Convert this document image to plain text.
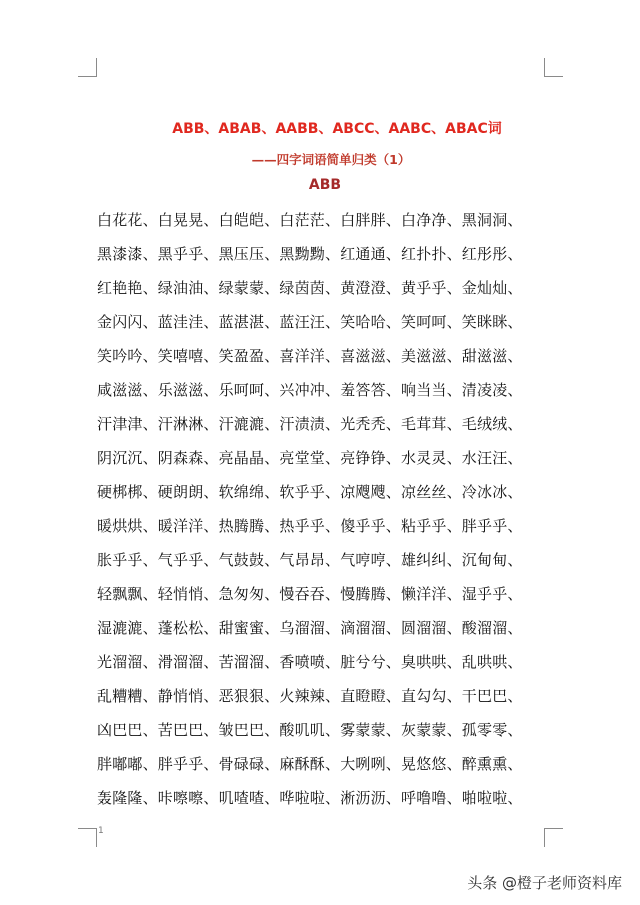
ABB、ABAB、AABB、ABCC、AABC、ABAC词
——四字词语简单归类（1）
ABB
白花花、白晃晃、白皑皑、白茫茫、白胖胖、白净净、黑洞洞、
黑漆漆、黑乎乎、黑压压、黑黝黝、红通通、红扑扑、红彤彤、
红艳艳、绿油油、绿蒙蒙、绿茵茵、黄澄澄、黄乎乎、金灿灿、
金闪闪、蓝洼洼、蓝湛湛、蓝汪汪、笑哈哈、笑呵呵、笑眯眯、
笑吟吟、笑嘻嘻、笑盈盈、喜洋洋、喜滋滋、美滋滋、甜滋滋、
咸滋滋、乐滋滋、乐呵呵、兴冲冲、羞答答、响当当、清凌凌、
汗津津、汗淋淋、汗漉漉、汗渍渍、光秃秃、毛茸茸、毛绒绒、
阴沉沉、阴森森、亮晶晶、亮堂堂、亮铮铮、水灵灵、水汪汪、
硬梆梆、硬朗朗、软绵绵、软乎乎、凉飕飕、凉丝丝、冷冰冰、
暖烘烘、暖洋洋、热腾腾、热乎乎、傻乎乎、粘乎乎、胖乎乎、
胀乎乎、气乎乎、气鼓鼓、气昂昂、气哼哼、雄纠纠、沉甸甸、
轻飘飘、轻悄悄、急匆匆、慢吞吞、慢腾腾、懒洋洋、湿乎乎、
湿漉漉、蓬松松、甜蜜蜜、乌溜溜、滴溜溜、圆溜溜、酸溜溜、
光溜溜、滑溜溜、苦溜溜、香喷喷、脏兮兮、臭哄哄、乱哄哄、
乱糟糟、静悄悄、恶狠狠、火辣辣、直瞪瞪、直勾勾、干巴巴、
凶巴巴、苦巴巴、皱巴巴、酸叽叽、雾蒙蒙、灰蒙蒙、孤零零、
胖嘟嘟、胖乎乎、骨碌碌、麻酥酥、大咧咧、晃悠悠、醉熏熏、
轰隆隆、咔嚓嚓、叽喳喳、哗啦啦、淅沥沥、呼噜噜、啪啦啦、
1
头条 @橙子老师资料库
